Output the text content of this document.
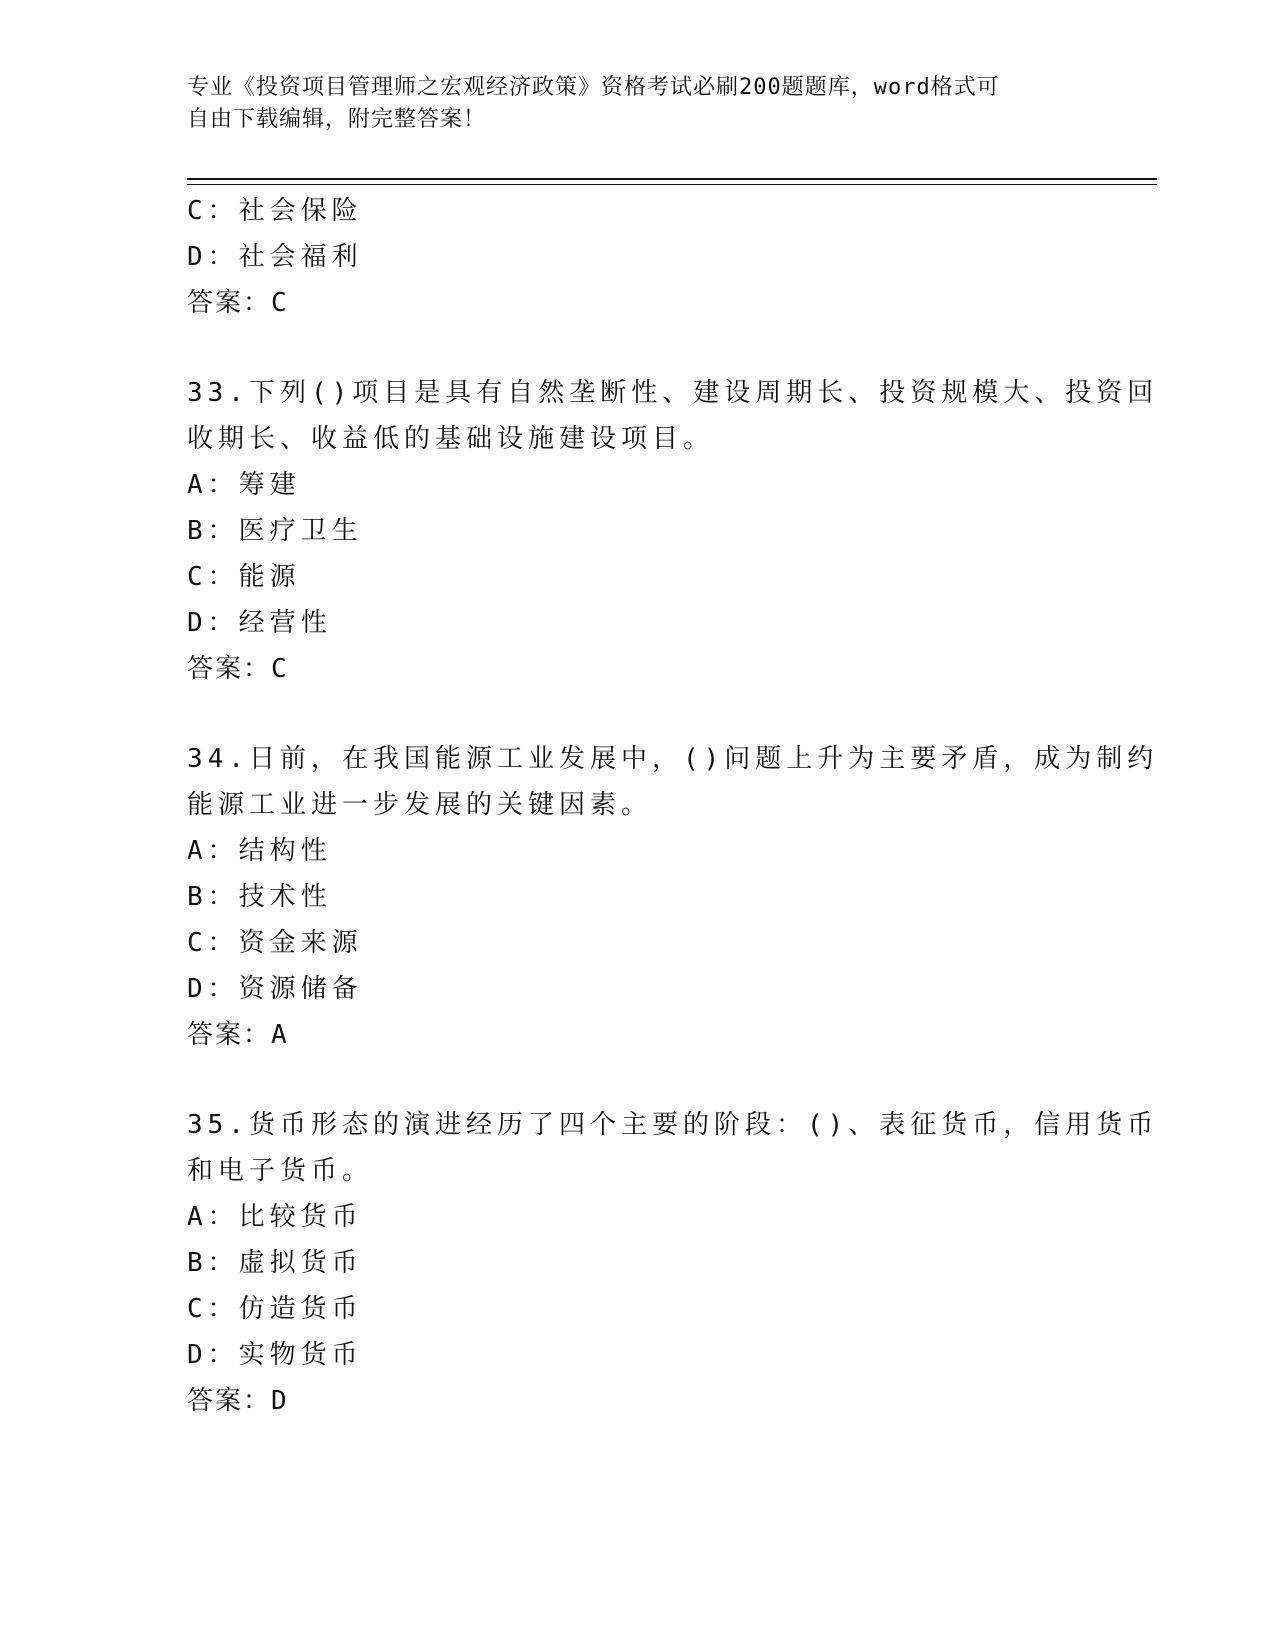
专业《投资项目管理师之宏观经济政策》资格考试必刷200题题库，word格式可
自由下载编辑，附完整答案！
C：社会保险
D：社会福利
答案：C
33.下列()项目是具有自然垄断性、建设周期长、投资规模大、投资回
收期长、收益低的基础设施建设项目。
A：筹建
B：医疗卫生
C：能源
D：经营性
答案：C
34.日前，在我国能源工业发展中，()问题上升为主要矛盾，成为制约
能源工业进一步发展的关键因素。
A：结构性
B：技术性
C：资金来源
D：资源储备
答案：A
35.货币形态的演进经历了四个主要的阶段：()、表征货币，信用货币
和电子货币。
A：比较货币
B：虚拟货币
C：仿造货币
D：实物货币
答案：D
